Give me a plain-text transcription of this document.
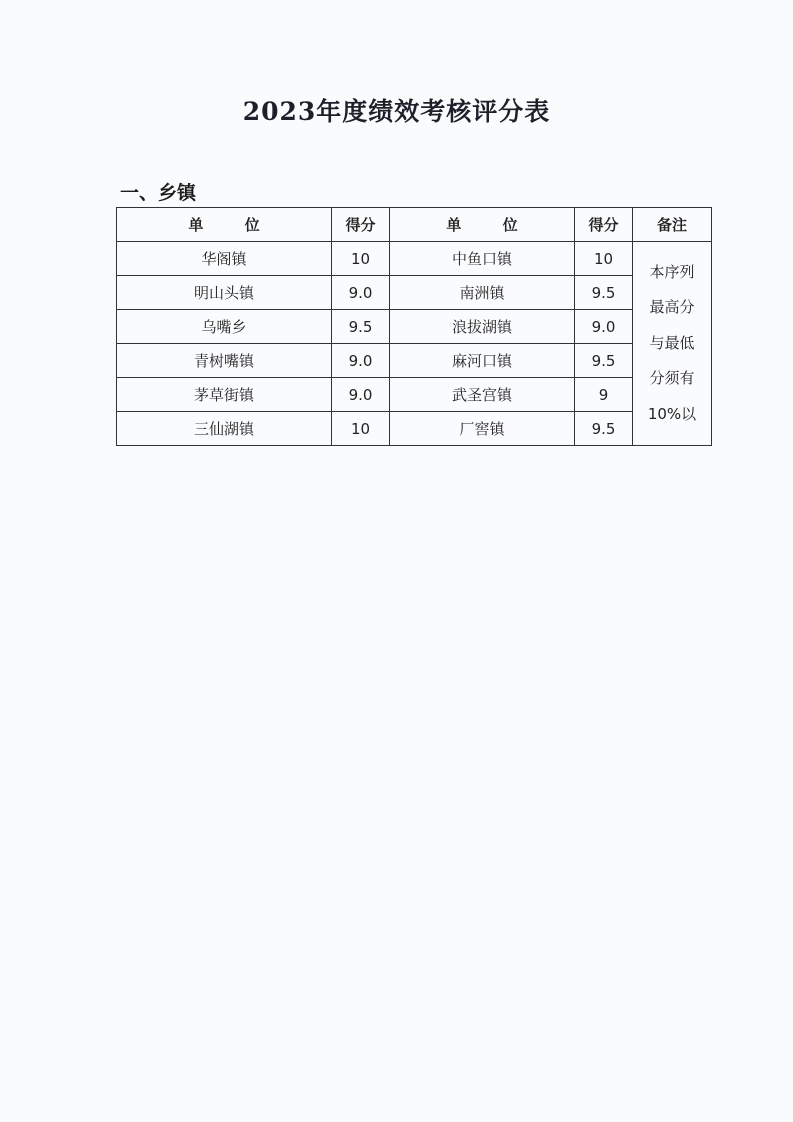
2023年度绩效考核评分表
一、乡镇
单 位	得分	单 位	得分	备注
华阁镇	10	中鱼口镇	10	本序列
最高分
与最低
分须有
10%以

明山头镇	9.0	南洲镇	9.5	
乌嘴乡	9.5	浪拔湖镇	9.0	
青树嘴镇	9.0	麻河口镇	9.5	
茅草街镇	9.0	武圣宫镇	9	
三仙湖镇	10	厂窖镇	9.5	
